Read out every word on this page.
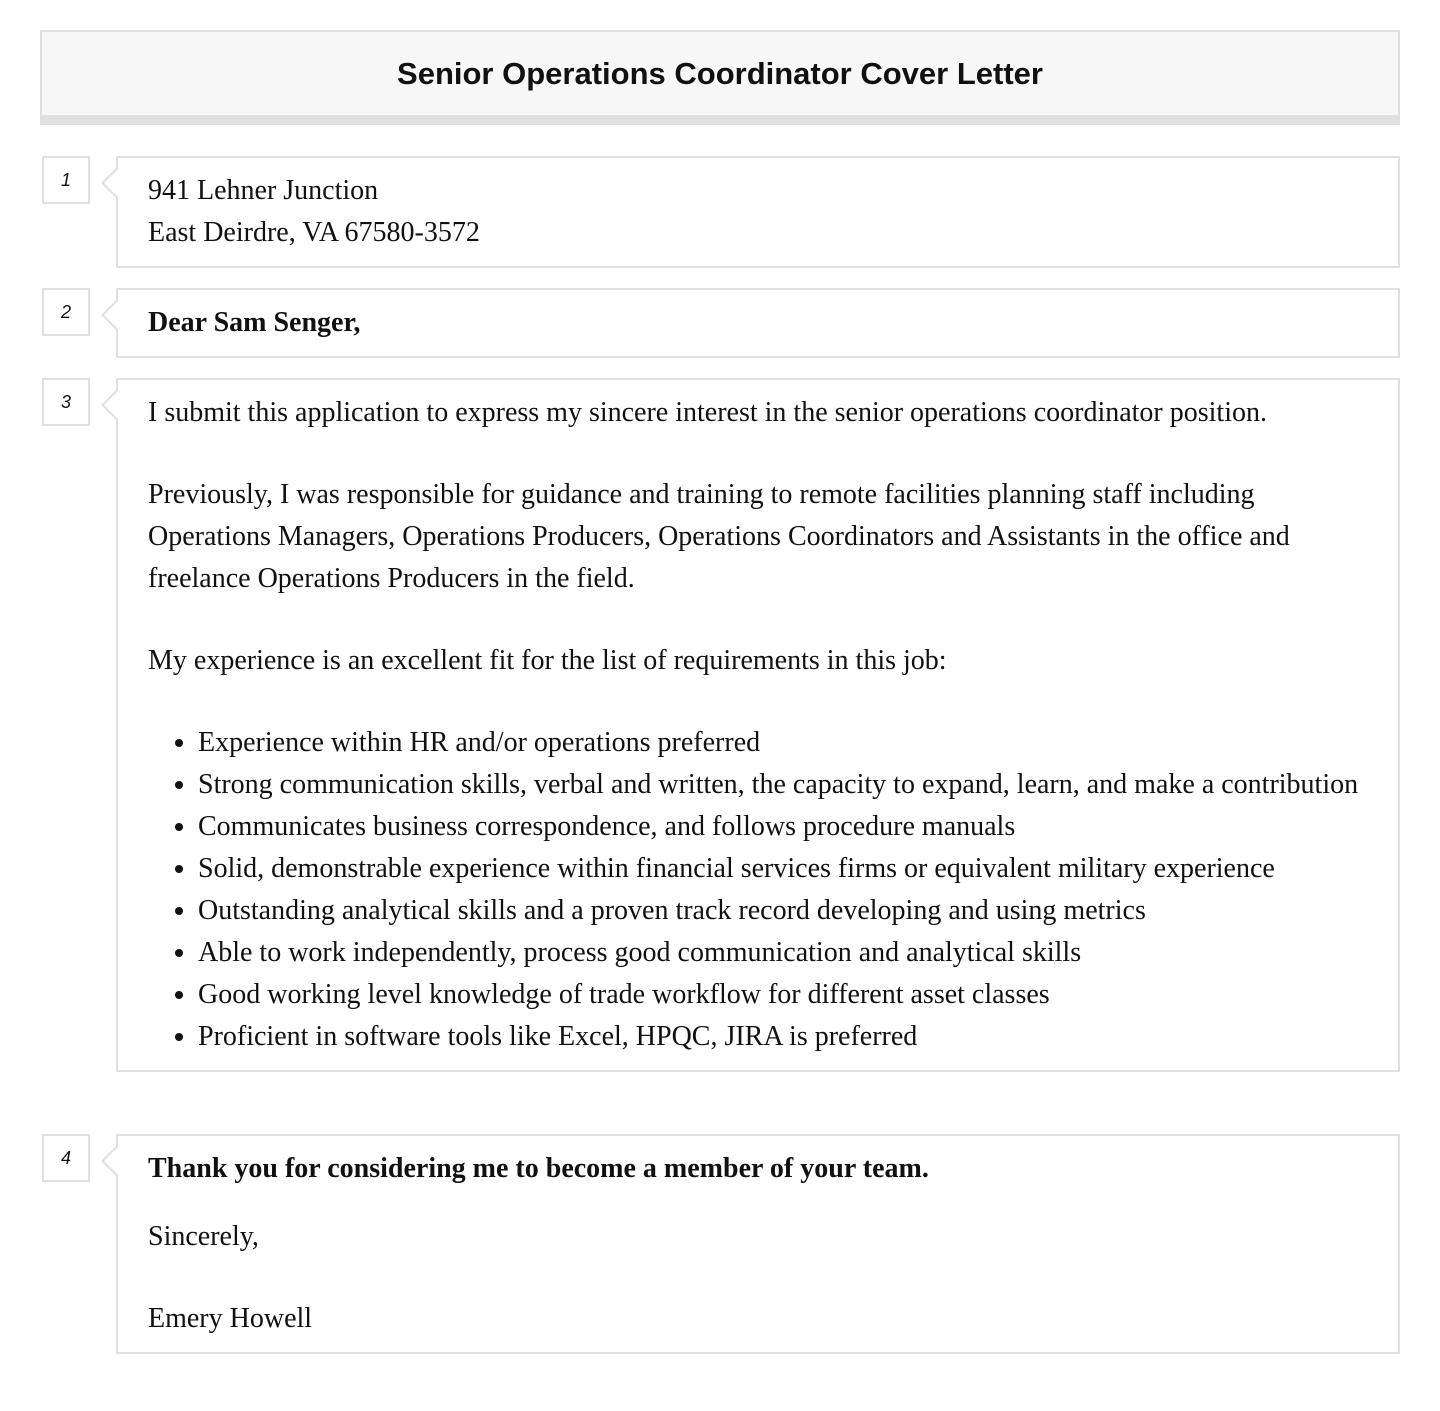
Senior Operations Coordinator Cover Letter
1	941 Lehner Junction
East Deirdre, VA 67580-3572
2	Dear Sam Senger,

3	I submit this application to express my sincere interest in the senior operations coordinator position.

Previously, I was responsible for guidance and training to remote facilities planning staff including Operations Managers, Operations Producers, Operations Coordinators and Assistants in the office and freelance Operations Producers in the field.

My experience is an excellent fit for the list of requirements in this job:

• Experience within HR and/or operations preferred
• Strong communication skills, verbal and written, the capacity to expand, learn, and make a contribution
• Communicates business correspondence, and follows procedure manuals
• Solid, demonstrable experience within financial services firms or equivalent military experience
• Outstanding analytical skills and a proven track record developing and using metrics
• Able to work independently, process good communication and analytical skills
• Good working level knowledge of trade workflow for different asset classes
• Proficient in software tools like Excel, HPQC, JIRA is preferred
4	Thank you for considering me to become a member of your team.

Sincerely,

Emery Howell
